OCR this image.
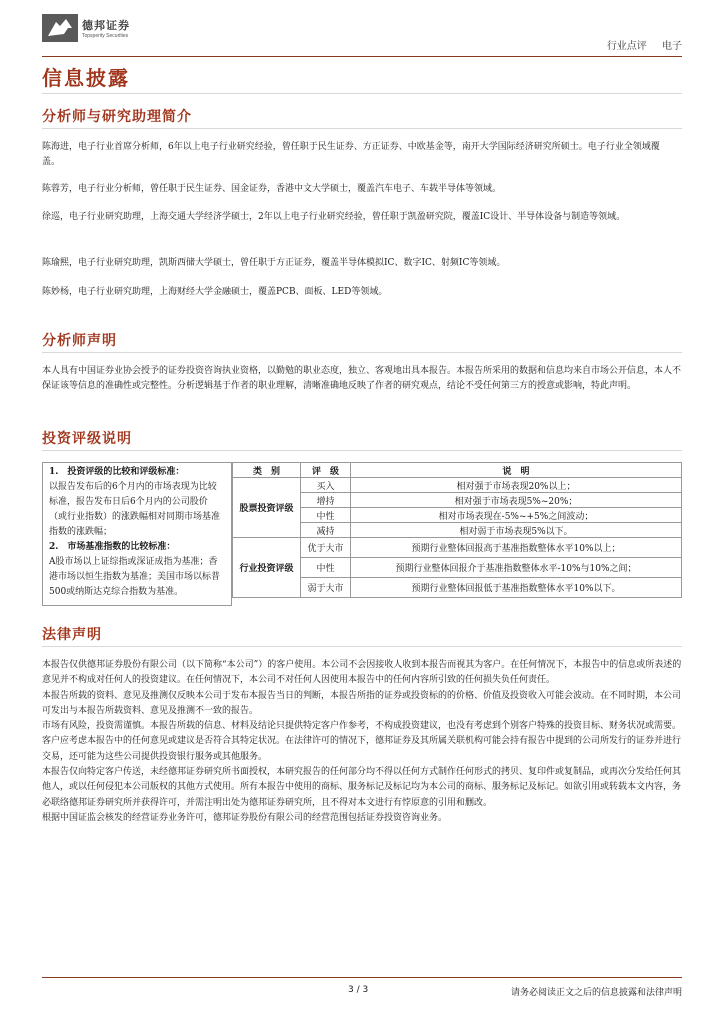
德邦证券
Topsperity Securities
行业点评 电子
信息披露
分析师与研究助理简介
陈海进，电子行业首席分析师，6年以上电子行业研究经验，曾任职于民生证券、方正证券、中欧基金等，南开大学国际经济研究所硕士。电子行业全领域覆盖。
陈蓉芳，电子行业分析师，曾任职于民生证券、国金证券，香港中文大学硕士，覆盖汽车电子、车载半导体等领域。
徐巡，电子行业研究助理，上海交通大学经济学硕士，2年以上电子行业研究经验，曾任职于凯盈研究院，覆盖IC设计、半导体设备与制造等领域。
陈瑜熙，电子行业研究助理，凯斯西储大学硕士，曾任职于方正证券，覆盖半导体模拟IC、数字IC、射频IC等领域。
陈妙杨，电子行业研究助理，上海财经大学金融硕士，覆盖PCB、面板、LED等领域。
分析师声明
本人具有中国证券业协会授予的证券投资咨询执业资格，以勤勉的职业态度，独立、客观地出具本报告。本报告所采用的数据和信息均来自市场公开信息，本人不保证该等信息的准确性或完整性。分析逻辑基于作者的职业理解，清晰准确地反映了作者的研究观点，结论不受任何第三方的授意或影响，特此声明。
投资评级说明
1.　投资评级的比较和评级标准：
以报告发布后的6个月内的市场表现为比较标准，报告发布日后6个月内的公司股价（或行业指数）的涨跌幅相对同期市场基准指数的涨跌幅；
2.　市场基准指数的比较标准：
A股市场以上证综指或深证成指为基准；香港市场以恒生指数为基准；美国市场以标普500或纳斯达克综合指数为基准。
类　别	评　级	说　明
股票投资评级	买入	相对强于市场表现20%以上；
	增持	相对强于市场表现5%~20%；
	中性	相对市场表现在-5%~+5%之间波动；
	减持	相对弱于市场表现5%以下。
行业投资评级	优于大市	预期行业整体回报高于基准指数整体水平10%以上；
	中性	预期行业整体回报介于基准指数整体水平-10%与10%之间；
	弱于大市	预期行业整体回报低于基准指数整体水平10%以下。
法律声明
本报告仅供德邦证券股份有限公司（以下简称“本公司”）的客户使用。本公司不会因接收人收到本报告而视其为客户。在任何情况下，本报告中的信息或所表述的意见并不构成对任何人的投资建议。在任何情况下，本公司不对任何人因使用本报告中的任何内容所引致的任何损失负任何责任。
本报告所载的资料、意见及推测仅反映本公司于发布本报告当日的判断，本报告所指的证券或投资标的的价格、价值及投资收入可能会波动。在不同时期，本公司可发出与本报告所载资料、意见及推测不一致的报告。
市场有风险，投资需谨慎。本报告所载的信息、材料及结论只提供特定客户作参考，不构成投资建议，也没有考虑到个别客户特殊的投资目标、财务状况或需要。客户应考虑本报告中的任何意见或建议是否符合其特定状况。在法律许可的情况下，德邦证券及其所属关联机构可能会持有报告中提到的公司所发行的证券并进行交易，还可能为这些公司提供投资银行服务或其他服务。
本报告仅向特定客户传送，未经德邦证券研究所书面授权，本研究报告的任何部分均不得以任何方式制作任何形式的拷贝、复印件或复制品，或再次分发给任何其他人，或以任何侵犯本公司版权的其他方式使用。所有本报告中使用的商标、服务标记及标记均为本公司的商标、服务标记及标记。如欲引用或转载本文内容，务必联络德邦证券研究所并获得许可，并需注明出处为德邦证券研究所，且不得对本文进行有悖原意的引用和删改。
根据中国证监会核发的经营证券业务许可，德邦证券股份有限公司的经营范围包括证券投资咨询业务。
3 / 3	请务必阅读正文之后的信息披露和法律声明
